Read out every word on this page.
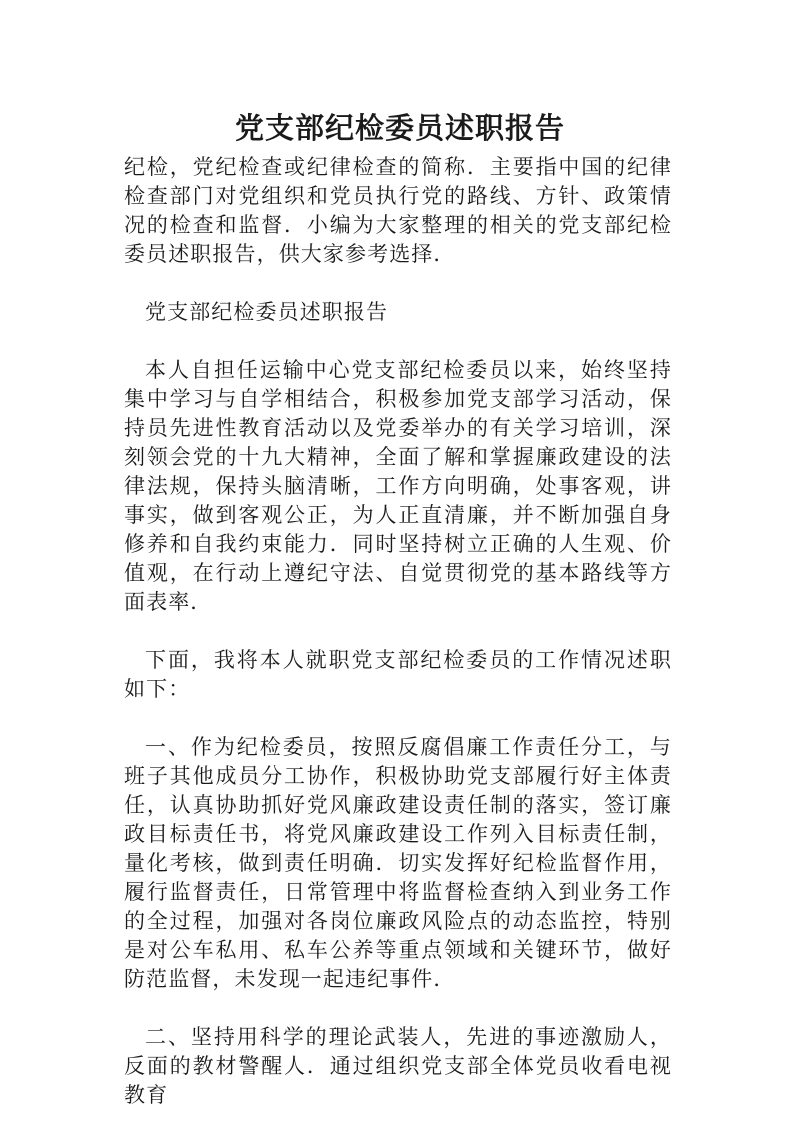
党支部纪检委员述职报告

纪检，党纪检查或纪律检查的简称．主要指中国的纪律检查部门对党组织和党员执行党的路线、方针、政策情况的检查和监督．小编为大家整理的相关的党支部纪检委员述职报告，供大家参考选择．

党支部纪检委员述职报告

本人自担任运输中心党支部纪检委员以来，始终坚持集中学习与自学相结合，积极参加党支部学习活动，保持员先进性教育活动以及党委举办的有关学习培训，深刻领会党的十九大精神，全面了解和掌握廉政建设的法律法规，保持头脑清晰，工作方向明确，处事客观，讲事实，做到客观公正，为人正直清廉，并不断加强自身修养和自我约束能力．同时坚持树立正确的人生观、价值观，在行动上遵纪守法、自觉贯彻党的基本路线等方面表率．

下面，我将本人就职党支部纪检委员的工作情况述职如下：

一、作为纪检委员，按照反腐倡廉工作责任分工，与班子其他成员分工协作，积极协助党支部履行好主体责任，认真协助抓好党风廉政建设责任制的落实，签订廉政目标责任书，将党风廉政建设工作列入目标责任制，量化考核，做到责任明确．切实发挥好纪检监督作用，履行监督责任，日常管理中将监督检查纳入到业务工作的全过程，加强对各岗位廉政风险点的动态监控，特别是对公车私用、私车公养等重点领域和关键环节，做好防范监督，未发现一起违纪事件．

二、坚持用科学的理论武装人，先进的事迹激励人，反面的教材警醒人．通过组织党支部全体党员收看电视教育
